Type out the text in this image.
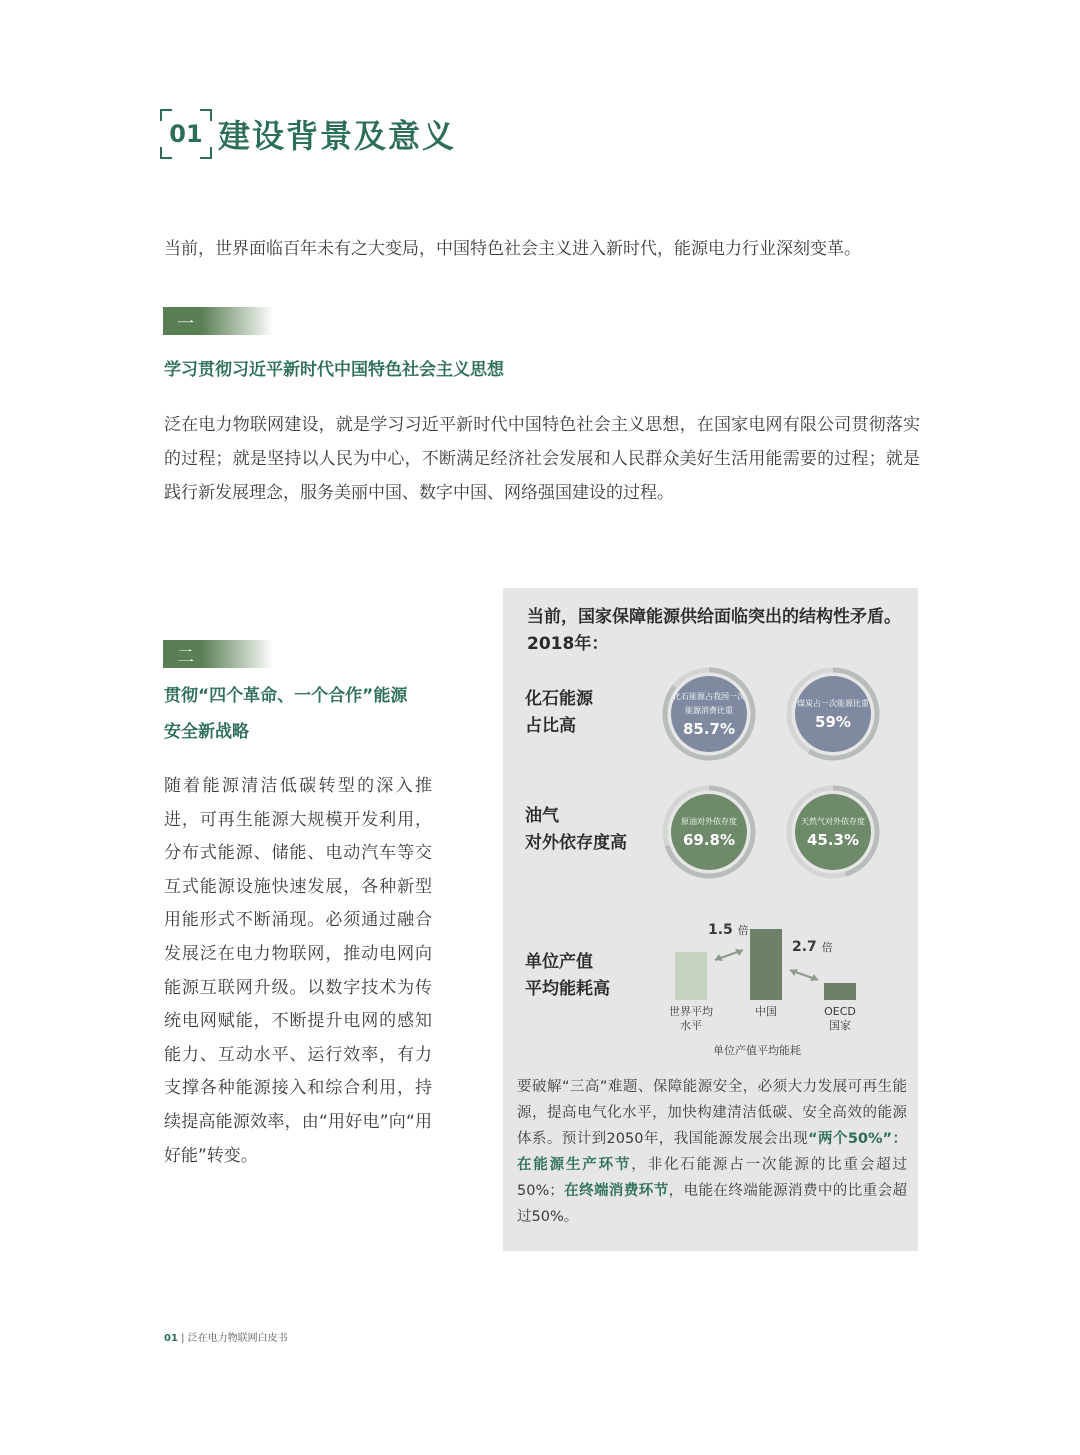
01 建设背景及意义
当前，世界面临百年未有之大变局，中国特色社会主义进入新时代，能源电力行业深刻变革。
一
学习贯彻习近平新时代中国特色社会主义思想
泛在电力物联网建设，就是学习习近平新时代中国特色社会主义思想，在国家电网有限公司贯彻落实的过程；就是坚持以人民为中心，不断满足经济社会发展和人民群众美好生活用能需要的过程；就是践行新发展理念，服务美丽中国、数字中国、网络强国建设的过程。
二
贯彻“四个革命、一个合作”能源
安全新战略
随着能源清洁低碳转型的深入推进，可再生能源大规模开发利用，分布式能源、储能、电动汽车等交互式能源设施快速发展，各种新型用能形式不断涌现。必须通过融合发展泛在电力物联网，推动电网向能源互联网升级。以数字技术为传统电网赋能，不断提升电网的感知能力、互动水平、运行效率，有力支撑各种能源接入和综合利用，持续提高能源效率，由“用好电”向“用好能”转变。
当前，国家保障能源供给面临突出的结构性矛盾。
2018年：
化石能源
占比高
油气
对外依存度高
单位产值
平均能耗高
化石能源占我国一次能源消费比重
85.7%
煤炭占一次能源比重
59%
原油对外依存度
69.8%
天然气对外依存度
45.3%
世界平均
水平
中国	OECD
国家
1.5 倍
2.7 倍
单位产值平均能耗
要破解“三高”难题、保障能源安全，必须大力发展可再生能源，提高电气化水平，加快构建清洁低碳、安全高效的能源体系。预计到2050年，我国能源发展会出现“两个50%”：在能源生产环节，非化石能源占一次能源的比重会超过50%；在终端消费环节，电能在终端能源消费中的比重会超过50%。
01 | 泛在电力物联网白皮书
